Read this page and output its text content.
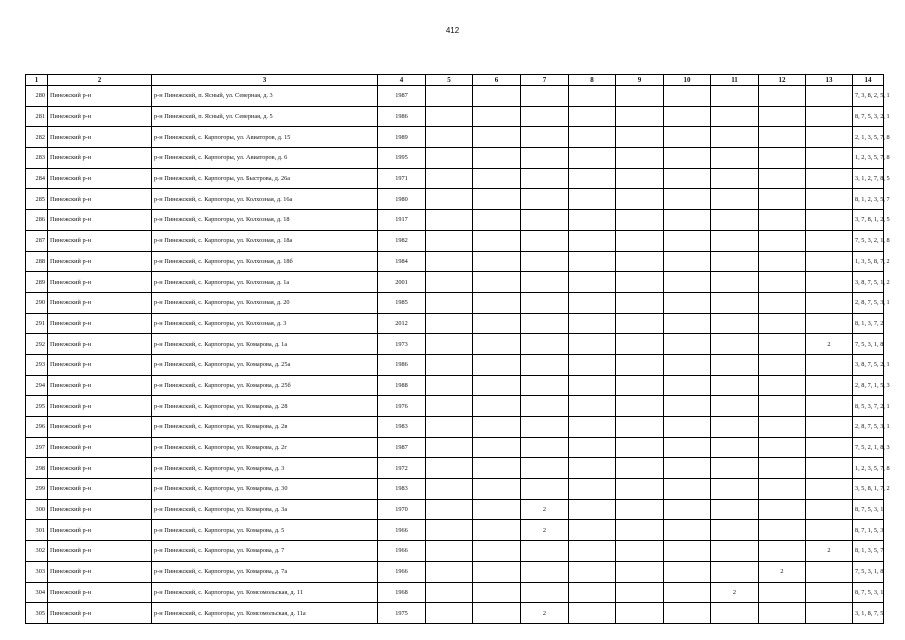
412
1	2	3	4	5	6	7	8	9	10	11	12	13	14
280	Пинежский р-н	р-н Пинежский, п. Ясный, ул. Северная, д. 3	1987										7, 3, 8, 2, 5, 1
281	Пинежский р-н	р-н Пинежский, п. Ясный, ул. Северная, д. 5	1986										8, 7, 5, 3, 2, 1
282	Пинежский р-н	р-н Пинежский, с. Карпогоры, ул. Авиаторов, д. 15	1989										2, 1, 3, 5, 7, 8
283	Пинежский р-н	р-н Пинежский, с. Карпогоры, ул. Авиаторов, д. 6	1995										1, 2, 3, 5, 7, 8
284	Пинежский р-н	р-н Пинежский, с. Карпогоры, ул. Быстрова, д. 26а	1971										3, 1, 2, 7, 8, 5
285	Пинежский р-н	р-н Пинежский, с. Карпогоры, ул. Колхозная, д. 16а	1980										8, 1, 2, 3, 5, 7
286	Пинежский р-н	р-н Пинежский, с. Карпогоры, ул. Колхозная, д. 18	1917										3, 7, 8, 1, 2, 5
287	Пинежский р-н	р-н Пинежский, с. Карпогоры, ул. Колхозная, д. 18а	1982										7, 5, 3, 2, 1, 8
288	Пинежский р-н	р-н Пинежский, с. Карпогоры, ул. Колхозная, д. 18б	1984										1, 3, 5, 8, 7, 2
289	Пинежский р-н	р-н Пинежский, с. Карпогоры, ул. Колхозная, д. 1а	2001										3, 8, 7, 5, 1, 2
290	Пинежский р-н	р-н Пинежский, с. Карпогоры, ул. Колхозная, д. 20	1985										2, 8, 7, 5, 3, 1
291	Пинежский р-н	р-н Пинежский, с. Карпогоры, ул. Колхозная, д. 3	2012										8, 1, 3, 7, 2
292	Пинежский р-н	р-н Пинежский, с. Карпогоры, ул. Комарова, д. 1а	1973									2	7, 5, 3, 1, 8
293	Пинежский р-н	р-н Пинежский, с. Карпогоры, ул. Комарова, д. 25а	1986										3, 8, 7, 5, 2, 1
294	Пинежский р-н	р-н Пинежский, с. Карпогоры, ул. Комарова, д. 25б	1988										2, 8, 7, 1, 5, 3
295	Пинежский р-н	р-н Пинежский, с. Карпогоры, ул. Комарова, д. 28	1976										8, 5, 3, 7, 2, 1
296	Пинежский р-н	р-н Пинежский, с. Карпогоры, ул. Комарова, д. 2в	1983										2, 8, 7, 5, 3, 1
297	Пинежский р-н	р-н Пинежский, с. Карпогоры, ул. Комарова, д. 2г	1987										7, 5, 2, 1, 8, 3
298	Пинежский р-н	р-н Пинежский, с. Карпогоры, ул. Комарова, д. 3	1972										1, 2, 3, 5, 7, 8
299	Пинежский р-н	р-н Пинежский, с. Карпогоры, ул. Комарова, д. 30	1983										3, 5, 8, 1, 7, 2
300	Пинежский р-н	р-н Пинежский, с. Карпогоры, ул. Комарова, д. 3а	1970			2							8, 7, 5, 3, 1
301	Пинежский р-н	р-н Пинежский, с. Карпогоры, ул. Комарова, д. 5	1966			2							8, 7, 1, 5, 3
302	Пинежский р-н	р-н Пинежский, с. Карпогоры, ул. Комарова, д. 7	1966									2	8, 1, 3, 5, 7
303	Пинежский р-н	р-н Пинежский, с. Карпогоры, ул. Комарова, д. 7а	1966								2		7, 5, 3, 1, 8
304	Пинежский р-н	р-н Пинежский, с. Карпогоры, ул. Комсомольская, д. 11	1968							2			8, 7, 5, 3, 1
305	Пинежский р-н	р-н Пинежский, с. Карпогоры, ул. Комсомольская, д. 11а	1975			2							3, 1, 8, 7, 5
